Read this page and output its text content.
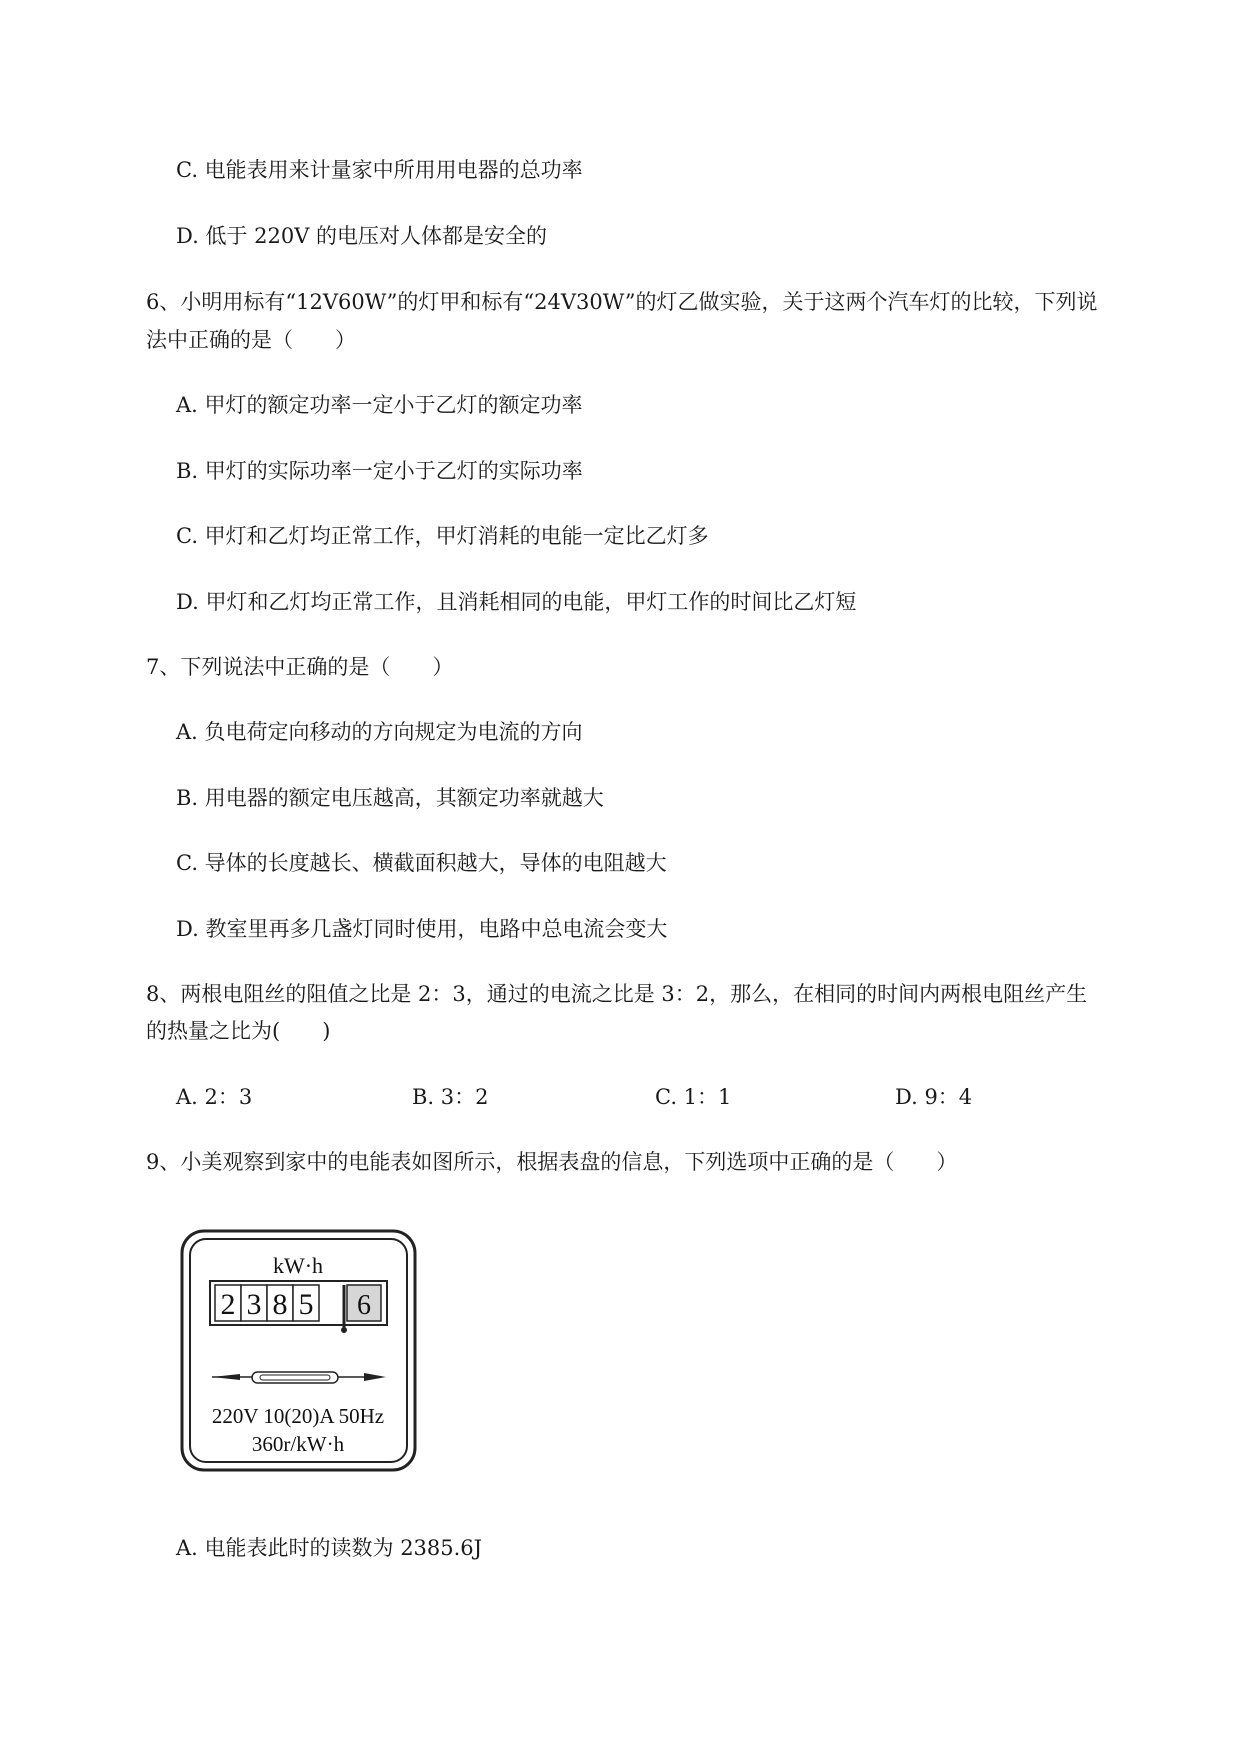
C. 电能表用来计量家中所用用电器的总功率
D. 低于 220V 的电压对人体都是安全的
6、小明用标有“12V60W”的灯甲和标有“24V30W”的灯乙做实验，关于这两个汽车灯的比较，下列说
法中正确的是（　　）
A. 甲灯的额定功率一定小于乙灯的额定功率
B. 甲灯的实际功率一定小于乙灯的实际功率
C. 甲灯和乙灯均正常工作，甲灯消耗的电能一定比乙灯多
D. 甲灯和乙灯均正常工作，且消耗相同的电能，甲灯工作的时间比乙灯短
7、下列说法中正确的是（　　）
A. 负电荷定向移动的方向规定为电流的方向
B. 用电器的额定电压越高，其额定功率就越大
C. 导体的长度越长、横截面积越大，导体的电阻越大
D. 教室里再多几盏灯同时使用，电路中总电流会变大
8、两根电阻丝的阻值之比是 2：3，通过的电流之比是 3：2，那么，在相同的时间内两根电阻丝产生
的热量之比为(　　)
A. 2：3	B. 3：2	C. 1：1	D. 9：4
9、小美观察到家中的电能表如图所示，根据表盘的信息，下列选项中正确的是（　　）
kW·h
2 3 8 5 6
220V 10(20)A 50Hz
360r/kW·h
A. 电能表此时的读数为 2385.6J
